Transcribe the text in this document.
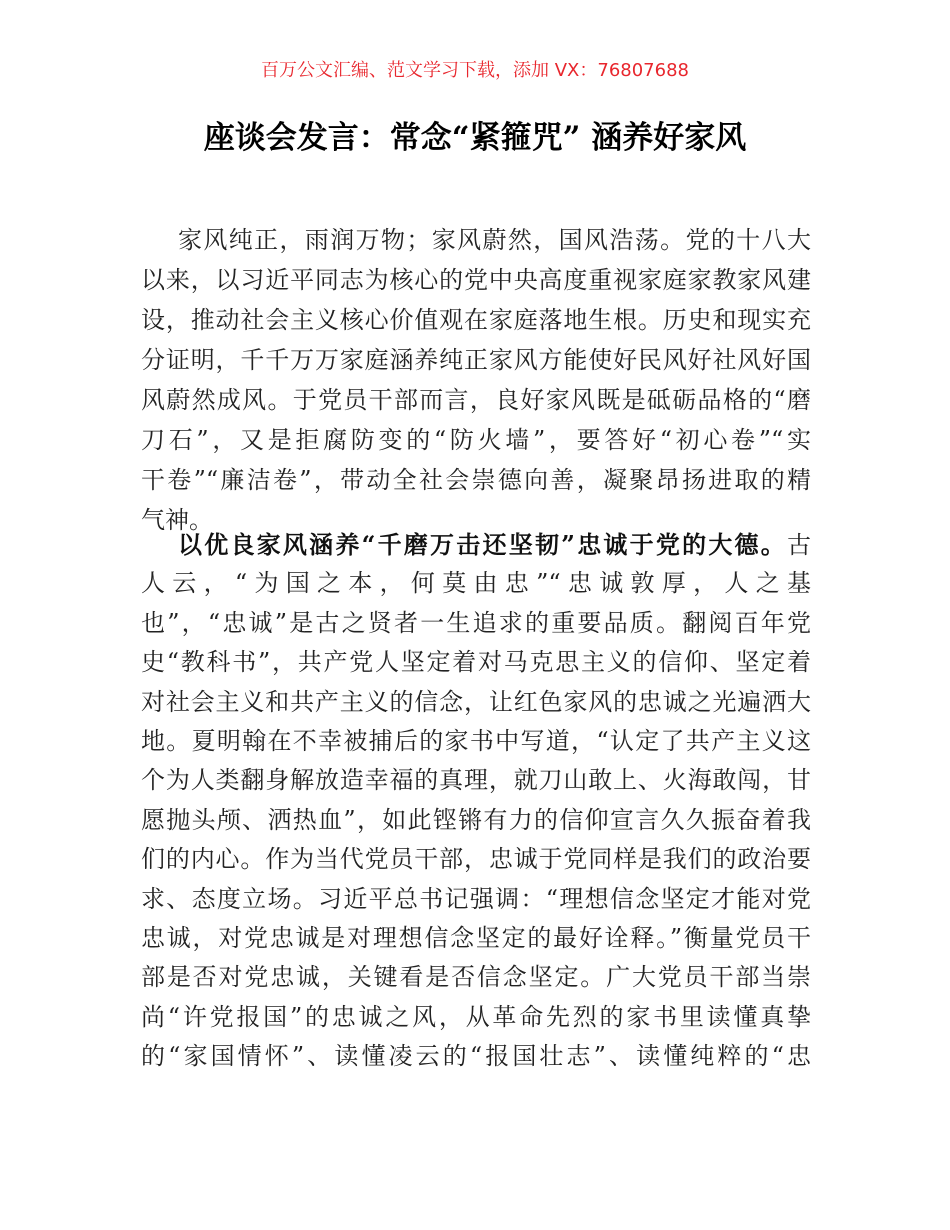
百万公文汇编、范文学习下载，添加 VX：76807688
座谈会发言：常念“紧箍咒” 涵养好家风
家风纯正，雨润万物；家风蔚然，国风浩荡。党的十八大
以来，以习近平同志为核心的党中央高度重视家庭家教家风建
设，推动社会主义核心价值观在家庭落地生根。历史和现实充
分证明，千千万万家庭涵养纯正家风方能使好民风好社风好国
风蔚然成风。于党员干部而言，良好家风既是砥砺品格的“磨
刀石”，又是拒腐防变的“防火墙”，要答好“初心卷”“实
干卷”“廉洁卷”，带动全社会崇德向善，凝聚昂扬进取的精
气神。
以优良家风涵养“千磨万击还坚韧”忠诚于党的大德。古
人云，“为国之本，何莫由忠”“忠诚敦厚，人之基
也”，“忠诚”是古之贤者一生追求的重要品质。翻阅百年党
史“教科书”，共产党人坚定着对马克思主义的信仰、坚定着
对社会主义和共产主义的信念，让红色家风的忠诚之光遍洒大
地。夏明翰在不幸被捕后的家书中写道，“认定了共产主义这
个为人类翻身解放造幸福的真理，就刀山敢上、火海敢闯，甘
愿抛头颅、洒热血”，如此铿锵有力的信仰宣言久久振奋着我
们的内心。作为当代党员干部，忠诚于党同样是我们的政治要
求、态度立场。习近平总书记强调：“理想信念坚定才能对党
忠诚，对党忠诚是对理想信念坚定的最好诠释。”衡量党员干
部是否对党忠诚，关键看是否信念坚定。广大党员干部当崇
尚“许党报国”的忠诚之风，从革命先烈的家书里读懂真挚
的“家国情怀”、读懂凌云的“报国壮志”、读懂纯粹的“忠
